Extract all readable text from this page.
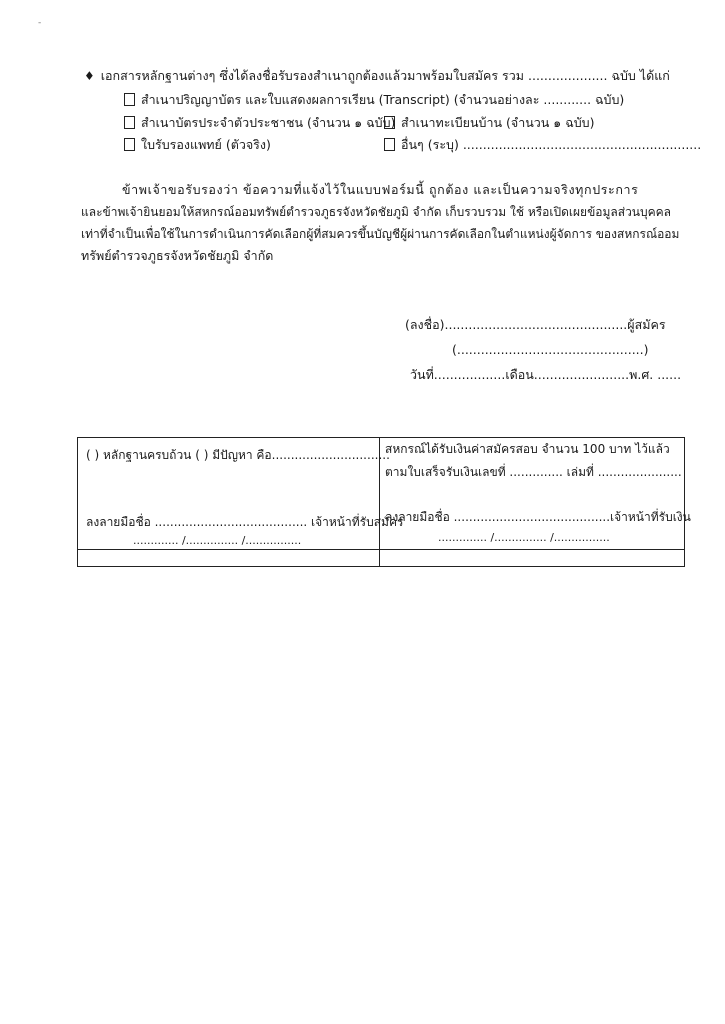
-
♦ เอกสารหลักฐานต่างๆ ซึ่งได้ลงชื่อรับรองสำเนาถูกต้องแล้วมาพร้อมใบสมัคร รวม .................... ฉบับ ได้แก่
สำเนาปริญญาบัตร และใบแสดงผลการเรียน (Transcript) (จำนวนอย่างละ ............ ฉบับ)
สำเนาบัตรประจำตัวประชาชน (จำนวน ๑ ฉบับ) สำเนาทะเบียนบ้าน (จำนวน ๑ ฉบับ)
ใบรับรองแพทย์ (ตัวจริง)	อื่นๆ (ระบุ) ............................................................
ข้าพเจ้าขอรับรองว่า ข้อความที่แจ้งไว้ในแบบฟอร์มนี้ ถูกต้อง และเป็นความจริงทุกประการ
และข้าพเจ้ายินยอมให้สหกรณ์ออมทรัพย์ตำรวจภูธรจังหวัดชัยภูมิ จำกัด เก็บรวบรวม ใช้ หรือเปิดเผยข้อมูลส่วนบุคคล
เท่าที่จำเป็นเพื่อใช้ในการดำเนินการคัดเลือกผู้ที่สมควรขึ้นบัญชีผู้ผ่านการคัดเลือกในตำแหน่งผู้จัดการ ของสหกรณ์ออม
ทรัพย์ตำรวจภูธรจังหวัดชัยภูมิ จำกัด
(ลงชื่อ)..............................................ผู้สมัคร
(...............................................)
วันที่..................เดือน........................พ.ศ. ......
( ) หลักฐานครบถ้วน ( ) มีปัญหา คือ...............................
ลงลายมือชื่อ ........................................ เจ้าหน้าที่รับสมัคร
............. /............... /................
สหกรณ์ได้รับเงินค่าสมัครสอบ จำนวน 100 บาท ไว้แล้ว
ตามใบเสร็จรับเงินเลขที่ .............. เล่มที่ ......................
ลงลายมือชื่อ .........................................เจ้าหน้าที่รับเงิน
.............. /............... /................
